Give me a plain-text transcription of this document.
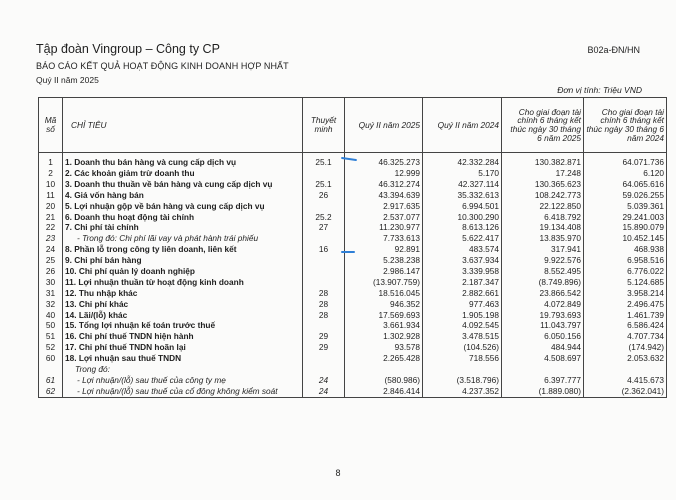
Tập đoàn Vingroup – Công ty CP	B02a-ĐN/HN
BÁO CÁO KẾT QUẢ HOẠT ĐỘNG KINH DOANH HỢP NHẤT
Quý II năm 2025
Đơn vị tính: Triệu VND
Mã số	CHỈ TIÊU	Thuyết minh	Quý II năm 2025	Quý II năm 2024	Cho giai đoạn tài chính 6 tháng kết thúc ngày 30 tháng 6 năm 2025	Cho giai đoạn tài chính 6 tháng kết thúc ngày 30 tháng 6 năm 2024

1	1. Doanh thu bán hàng và cung cấp dịch vụ	25.1	46.325.273	42.332.284	130.382.871	64.071.736
2	2. Các khoản giảm trừ doanh thu		12.999	5.170	17.248	6.120
10	3. Doanh thu thuần về bán hàng và cung cấp dịch vụ	25.1	46.312.274	42.327.114	130.365.623	64.065.616
11	4. Giá vốn hàng bán	26	43.394.639	35.332.613	108.242.773	59.026.255
20	5. Lợi nhuận gộp về bán hàng và cung cấp dịch vụ		2.917.635	6.994.501	22.122.850	5.039.361
21	6. Doanh thu hoạt động tài chính	25.2	2.537.077	10.300.290	6.418.792	29.241.003
22	7. Chi phí tài chính	27	11.230.977	8.613.126	19.134.408	15.890.079
23	- Trong đó: Chi phí lãi vay và phát hành trái phiếu		7.733.613	5.622.417	13.835.970	10.452.145
24	8. Phần lỗ trong công ty liên doanh, liên kết	16	92.891	483.574	317.941	468.938
25	9. Chi phí bán hàng		5.238.238	3.637.934	9.922.576	6.958.516
26	10. Chi phí quản lý doanh nghiệp		2.986.147	3.339.958	8.552.495	6.776.022
30	11. Lợi nhuận thuần từ hoạt động kinh doanh		(13.907.759)	2.187.347	(8.749.896)	5.124.685
31	12. Thu nhập khác	28	18.516.045	2.882.661	23.866.542	3.958.214
32	13. Chi phí khác	28	946.352	977.463	4.072.849	2.496.475
40	14. Lãi/(lỗ) khác	28	17.569.693	1.905.198	19.793.693	1.461.739
50	15. Tổng lợi nhuận kế toán trước thuế		3.661.934	4.092.545	11.043.797	6.586.424
51	16. Chi phí thuế TNDN hiện hành	29	1.302.928	3.478.515	6.050.156	4.707.734
52	17. Chi phí thuế TNDN hoãn lại	29	93.578	(104.526)	484.944	(174.942)
60	18. Lợi nhuận sau thuế TNDN		2.265.428	718.556	4.508.697	2.053.632
	Trong đó:					
61	- Lợi nhuận/(lỗ) sau thuế của công ty mẹ	24	(580.986)	(3.518.796)	6.397.777	4.415.673
62	- Lợi nhuận/(lỗ) sau thuế của cổ đông không kiểm soát	24	2.846.414	4.237.352	(1.889.080)	(2.362.041)
8
